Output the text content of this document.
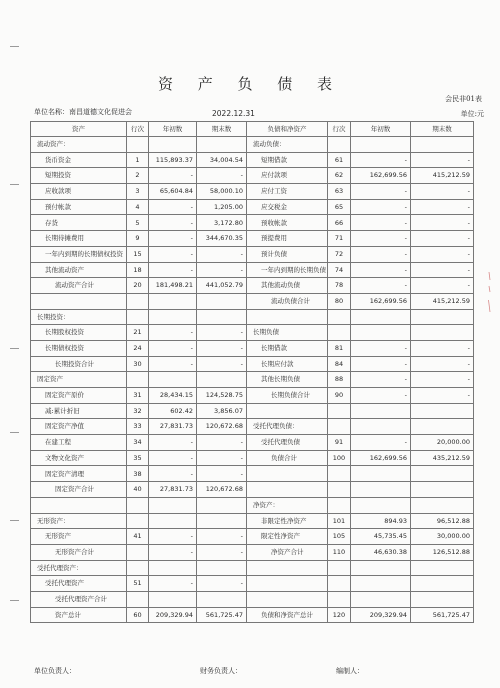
资 产 负 债 表
会民非01表
单位名称：南昌道德文化促进会	2022.12.31	单位:元
资产	行次	年初数	期末数	负债和净资产	行次	年初数	期末数
流动资产：				流动负债：			
货币资金	1	115,893.37	34,004.54	短期借款	61	-	-
短期投资	2	-	-	应付款项	62	162,699.56	415,212.59
应收款项	3	65,604.84	58,000.10	应付工资	63	-	-
预付帐款	4	-	1,205.00	应交税金	65	-	-
存货	5	-	3,172.80	预收帐款	66	-	-
长期待摊费用	9	-	344,670.35	预提费用	71	-	-
一年内到期的长期债权投资	15	-	-	预计负债	72	-	-
其他流动资产	18	-	-	一年内到期的长期负债	74	-	-
流动资产合计	20	181,498.21	441,052.79	其他流动负债	78	-	-
				流动负债合计	80	162,699.56	415,212.59
长期投资：							
长期股权投资	21	-	-	长期负债			
长期债权投资	24	-	-	长期借款	81	-	-
长期投资合计	30	-	-	长期应付款	84	-	-
固定资产				其他长期负债	88	-	-
固定资产原价	31	28,434.15	124,528.75	长期负债合计	90	-	-
减:累计折旧	32	602.42	3,856.07				
固定资产净值	33	27,831.73	120,672.68	受托代理负债：			
在建工程	34	-	-	受托代理负债	91	-	20,000.00
文物文化资产	35	-	-	负债合计	100	162,699.56	435,212.59
固定资产清理	38	-	-				
固定资产合计	40	27,831.73	120,672.68				
				净资产：			
无形资产：				非限定性净资产	101	894.93	96,512.88
无形资产	41	-	-	限定性净资产	105	45,735.45	30,000.00
无形资产合计		-	-	净资产合计	110	46,630.38	126,512.88
受托代理资产：							
受托代理资产	51	-	-				
受托代理资产合计							
资产总计	60	209,329.94	561,725.47	负债和净资产总计	120	209,329.94	561,725.47
单位负责人：	财务负责人：	编制人：
